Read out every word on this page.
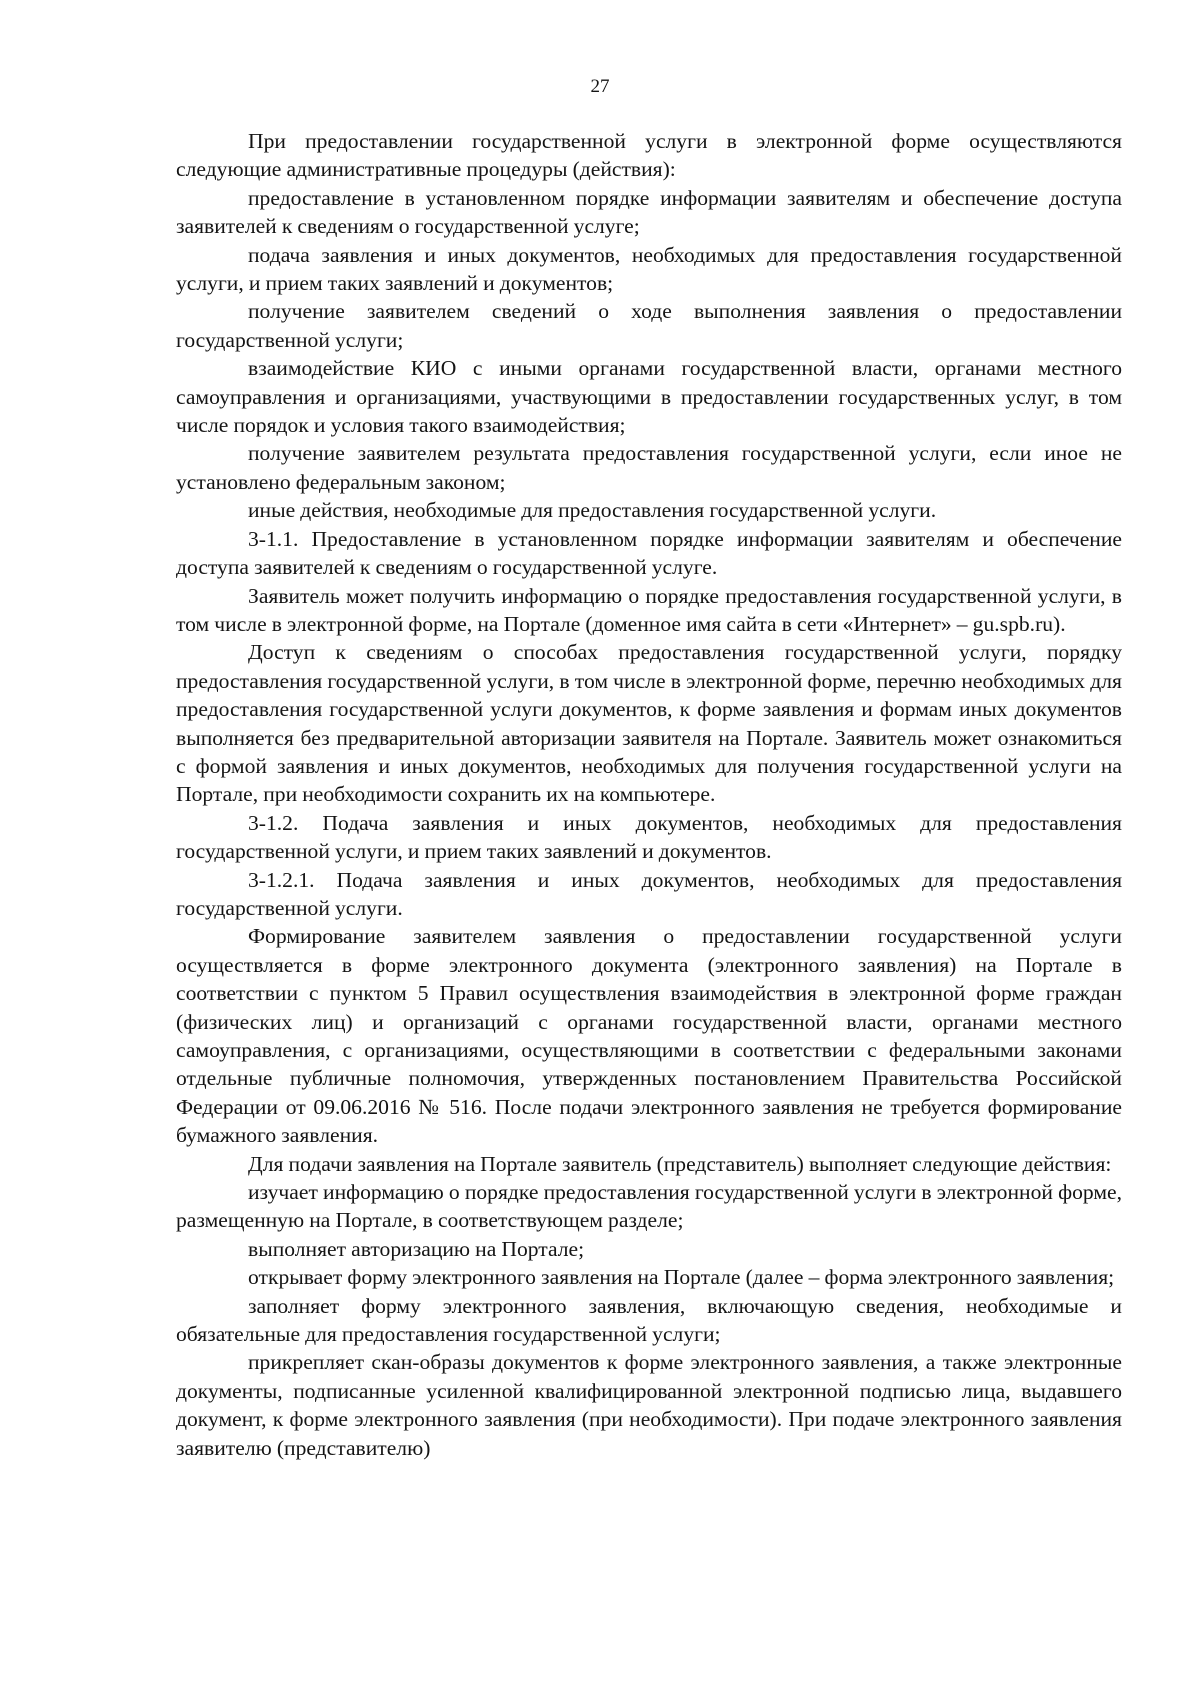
27

При предоставлении государственной услуги в электронной форме осуществляются следующие административные процедуры (действия):

предоставление в установленном порядке информации заявителям и обеспечение доступа заявителей к сведениям о государственной услуге;

подача заявления и иных документов, необходимых для предоставления государственной услуги, и прием таких заявлений и документов;

получение заявителем сведений о ходе выполнения заявления о предоставлении государственной услуги;

взаимодействие КИО с иными органами государственной власти, органами местного самоуправления и организациями, участвующими в предоставлении государственных услуг, в том числе порядок и условия такого взаимодействия;

получение заявителем результата предоставления государственной услуги, если иное не установлено федеральным законом;

иные действия, необходимые для предоставления государственной услуги.

3-1.1. Предоставление в установленном порядке информации заявителям и обеспечение доступа заявителей к сведениям о государственной услуге.

Заявитель может получить информацию о порядке предоставления государственной услуги, в том числе в электронной форме, на Портале (доменное имя сайта в сети «Интернет» – gu.spb.ru).

Доступ к сведениям о способах предоставления государственной услуги, порядку предоставления государственной услуги, в том числе в электронной форме, перечню необходимых для предоставления государственной услуги документов, к форме заявления и формам иных документов выполняется без предварительной авторизации заявителя на Портале. Заявитель может ознакомиться с формой заявления и иных документов, необходимых для получения государственной услуги на Портале, при необходимости сохранить их на компьютере.

3-1.2. Подача заявления и иных документов, необходимых для предоставления государственной услуги, и прием таких заявлений и документов.

3-1.2.1. Подача заявления и иных документов, необходимых для предоставления государственной услуги.

Формирование заявителем заявления о предоставлении государственной услуги осуществляется в форме электронного документа (электронного заявления) на Портале в соответствии с пунктом 5 Правил осуществления взаимодействия в электронной форме граждан (физических лиц) и организаций с органами государственной власти, органами местного самоуправления, с организациями, осуществляющими в соответствии с федеральными законами отдельные публичные полномочия, утвержденных постановлением Правительства Российской Федерации от 09.06.2016 № 516. После подачи электронного заявления не требуется формирование бумажного заявления.

Для подачи заявления на Портале заявитель (представитель) выполняет следующие действия:

изучает информацию о порядке предоставления государственной услуги в электронной форме, размещенную на Портале, в соответствующем разделе;

выполняет авторизацию на Портале;

открывает форму электронного заявления на Портале (далее – форма электронного заявления;

заполняет форму электронного заявления, включающую сведения, необходимые и обязательные для предоставления государственной услуги;

прикрепляет скан-образы документов к форме электронного заявления, а также электронные документы, подписанные усиленной квалифицированной электронной подписью лица, выдавшего документ, к форме электронного заявления (при необходимости). При подаче электронного заявления заявителю (представителю)
